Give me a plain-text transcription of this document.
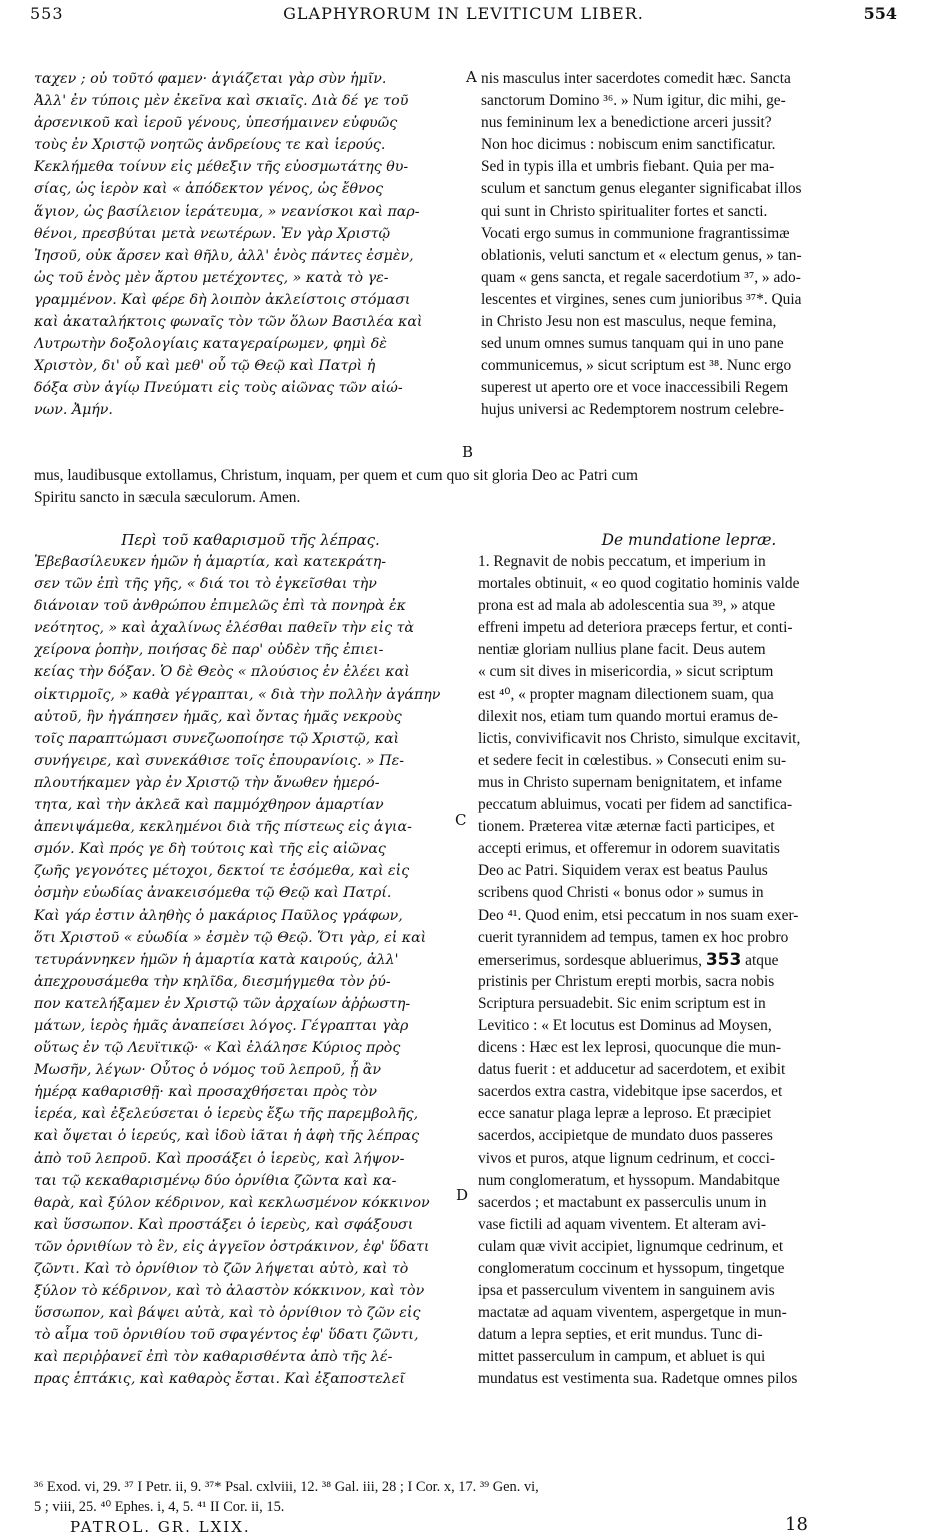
553	GLAPHYRORUM IN LEVITICUM LIBER.	554
A
B
C
D
ταχεν ; οὐ τοῦτό φαμεν· ἁγιάζεται γὰρ σὺν ἡμῖν.
Ἀλλ' ἐν τύποις μὲν ἐκεῖνα καὶ σκιαῖς. Διὰ δέ γε τοῦ
ἀρσενικοῦ καὶ ἱεροῦ γένους, ὑπεσήμαινεν εὐφυῶς
τοὺς ἐν Χριστῷ νοητῶς ἀνδρείους τε καὶ ἱερούς.
Κεκλήμεθα τοίνυν εἰς μέθεξιν τῆς εὐοσμωτάτης θυ-
σίας, ὡς ἱερὸν καὶ « ἀπόδεκτον γένος, ὡς ἔθνος
ἅγιον, ὡς βασίλειον ἱεράτευμα, » νεανίσκοι καὶ παρ-
θένοι, πρεσβύται μετὰ νεωτέρων. Ἐν γὰρ Χριστῷ
Ἰησοῦ, οὐκ ἄρσεν καὶ θῆλυ, ἀλλ' ἑνὸς πάντες ἐσμὲν,
ὡς τοῦ ἑνὸς μὲν ἄρτου μετέχοντες, » κατὰ τὸ γε-
γραμμένον. Καὶ φέρε δὴ λοιπὸν ἀκλείστοις στόμασι
καὶ ἀκαταλήκτοις φωναῖς τὸν τῶν ὅλων Βασιλέα καὶ
Λυτρωτὴν δοξολογίαις καταγεραίρωμεν, φημὶ δὲ
Χριστὸν, δι' οὗ καὶ μεθ' οὗ τῷ Θεῷ καὶ Πατρὶ ἡ
δόξα σὺν ἁγίῳ Πνεύματι εἰς τοὺς αἰῶνας τῶν αἰώ-
νων. Ἀμήν.
nis masculus inter sacerdotes comedit hæc. Sancta
sanctorum Domino ³⁶. » Num igitur, dic mihi, ge-
nus femininum lex a benedictione arceri jussit?
Non hoc dicimus : nobiscum enim sanctificatur.
Sed in typis illa et umbris fiebant. Quia per ma-
sculum et sanctum genus eleganter significabat illos
qui sunt in Christo spiritualiter fortes et sancti.
Vocati ergo sumus in communione fragrantissimæ
oblationis, veluti sanctum et « electum genus, » tan-
quam « gens sancta, et regale sacerdotium ³⁷, » ado-
lescentes et virgines, senes cum junioribus ³⁷*. Quia
in Christo Jesu non est masculus, neque femina,
sed unum omnes sumus tanquam qui in uno pane
communicemus, » sicut scriptum est ³⁸. Nunc ergo
superest ut aperto ore et voce inaccessibili Regem
hujus universi ac Redemptorem nostrum celebre-
mus, laudibusque extollamus, Christum, inquam, per quem et cum quo sit gloria Deo ac Patri cum
Spiritu sancto in sæcula sæculorum. Amen.
Περὶ τοῦ καθαρισμοῦ τῆς λέπρας.	De mundatione lepræ.
Ἐβεβασίλευκεν ἡμῶν ἡ ἁμαρτία, καὶ κατεκράτη-
σεν τῶν ἐπὶ τῆς γῆς, « διά τοι τὸ ἐγκεῖσθαι τὴν
διάνοιαν τοῦ ἀνθρώπου ἐπιμελῶς ἐπὶ τὰ πονηρὰ ἐκ
νεότητος, » καὶ ἀχαλίνως ἐλέσθαι παθεῖν τὴν εἰς τὰ
χείρονα ῥοπὴν, ποιήσας δὲ παρ' οὐδὲν τῆς ἐπιει-
κείας τὴν δόξαν. Ὁ δὲ Θεὸς « πλούσιος ἐν ἐλέει καὶ
οἰκτιρμοῖς, » καθὰ γέγραπται, « διὰ τὴν πολλὴν ἀγάπην
αὐτοῦ, ἣν ἠγάπησεν ἡμᾶς, καὶ ὄντας ἡμᾶς νεκροὺς
τοῖς παραπτώμασι συνεζωοποίησε τῷ Χριστῷ, καὶ
συνήγειρε, καὶ συνεκάθισε τοῖς ἐπουρανίοις. » Πε-
πλουτήκαμεν γὰρ ἐν Χριστῷ τὴν ἄνωθεν ἡμερό-
τητα, καὶ τὴν ἀκλεᾶ καὶ παμμόχθηρον ἁμαρτίαν
ἀπενιψάμεθα, κεκλημένοι διὰ τῆς πίστεως εἰς ἁγια-
σμόν. Καὶ πρός γε δὴ τούτοις καὶ τῆς εἰς αἰῶνας
ζωῆς γεγονότες μέτοχοι, δεκτοί τε ἐσόμεθα, καὶ εἰς
ὀσμὴν εὐωδίας ἀνακεισόμεθα τῷ Θεῷ καὶ Πατρί.
Καὶ γάρ ἐστιν ἀληθὴς ὁ μακάριος Παῦλος γράφων,
ὅτι Χριστοῦ « εὐωδία » ἐσμὲν τῷ Θεῷ. Ὅτι γὰρ, εἰ καὶ
τετυράννηκεν ἡμῶν ἡ ἁμαρτία κατὰ καιρούς, ἀλλ'
ἀπεχρουσάμεθα τὴν κηλῖδα, διεσμήγμεθα τὸν ῥύ-
πον κατελήξαμεν ἐν Χριστῷ τῶν ἀρχαίων ἀῤῥωστη-
μάτων, ἱερὸς ἡμᾶς ἀναπείσει λόγος. Γέγραπται γὰρ
οὕτως ἐν τῷ Λευϊτικῷ· « Καὶ ἐλάλησε Κύριος πρὸς
Μωσῆν, λέγων· Οὗτος ὁ νόμος τοῦ λεπροῦ, ᾗ ἂν
ἡμέρᾳ καθαρισθῇ· καὶ προσαχθήσεται πρὸς τὸν
ἱερέα, καὶ ἐξελεύσεται ὁ ἱερεὺς ἔξω τῆς παρεμβολῆς,
καὶ ὄψεται ὁ ἱερεύς, καὶ ἰδοὺ ἰᾶται ἡ ἁφὴ τῆς λέπρας
ἀπὸ τοῦ λεπροῦ. Καὶ προσάξει ὁ ἱερεὺς, καὶ λήψον-
ται τῷ κεκαθαρισμένῳ δύο ὀρνίθια ζῶντα καὶ κα-
θαρὰ, καὶ ξύλον κέδρινον, καὶ κεκλωσμένον κόκκινον
καὶ ὕσσωπον. Καὶ προστάξει ὁ ἱερεὺς, καὶ σφάξουσι
τῶν ὀρνιθίων τὸ ἓν, εἰς ἀγγεῖον ὀστράκινον, ἐφ' ὕδατι
ζῶντι. Καὶ τὸ ὀρνίθιον τὸ ζῶν λήψεται αὐτὸ, καὶ τὸ
ξύλον τὸ κέδρινον, καὶ τὸ ἀλαστὸν κόκκινον, καὶ τὸν
ὕσσωπον, καὶ βάψει αὐτὰ, καὶ τὸ ὀρνίθιον τὸ ζῶν εἰς
τὸ αἷμα τοῦ ὀρνιθίου τοῦ σφαγέντος ἐφ' ὕδατι ζῶντι,
καὶ περιῤῥανεῖ ἐπὶ τὸν καθαρισθέντα ἀπὸ τῆς λέ-
πρας ἑπτάκις, καὶ καθαρὸς ἔσται. Καὶ ἐξαποστελεῖ
1. Regnavit de nobis peccatum, et imperium in
mortales obtinuit, « eo quod cogitatio hominis valde
prona est ad mala ab adolescentia sua ³⁹, » atque
effreni impetu ad deteriora præceps fertur, et conti-
nentiæ gloriam nullius plane facit. Deus autem
« cum sit dives in misericordia, » sicut scriptum
est ⁴⁰, « propter magnam dilectionem suam, qua
dilexit nos, etiam tum quando mortui eramus de-
lictis, convivificavit nos Christo, simulque excitavit,
et sedere fecit in cœlestibus. » Consecuti enim su-
mus in Christo supernam benignitatem, et infame
peccatum abluimus, vocati per fidem ad sanctifica-
tionem. Præterea vitæ æternæ facti participes, et
accepti erimus, et offeremur in odorem suavitatis
Deo ac Patri. Siquidem verax est beatus Paulus
scribens quod Christi « bonus odor » sumus in
Deo ⁴¹. Quod enim, etsi peccatum in nos suam exer-
cuerit tyrannidem ad tempus, tamen ex hoc probro
emerserimus, sordesque abluerimus, 353 atque
pristinis per Christum erepti morbis, sacra nobis
Scriptura persuadebit. Sic enim scriptum est in
Levitico : « Et locutus est Dominus ad Moysen,
dicens : Hæc est lex leprosi, quocunque die mun-
datus fuerit : et adducetur ad sacerdotem, et exibit
sacerdos extra castra, videbitque ipse sacerdos, et
ecce sanatur plaga lepræ a leproso. Et præcipiet
sacerdos, accipietque de mundato duos passeres
vivos et puros, atque lignum cedrinum, et cocci-
num conglomeratum, et hyssopum. Mandabitque
sacerdos ; et mactabunt ex passerculis unum in
vase fictili ad aquam viventem. Et alteram avi-
culam quæ vivit accipiet, lignumque cedrinum, et
conglomeratum coccinum et hyssopum, tingetque
ipsa et passerculum viventem in sanguinem avis
mactatæ ad aquam viventem, aspergetque in mun-
datum a lepra septies, et erit mundus. Tunc di-
mittet passerculum in campum, et abluet is qui
mundatus est vestimenta sua. Radetque omnes pilos
³⁶ Exod. vi, 29. ³⁷ I Petr. ii, 9. ³⁷* Psal. cxlviii, 12. ³⁸ Gal. iii, 28 ; I Cor. x, 17. ³⁹ Gen. vi,
5 ; viii, 25. ⁴⁰ Ephes. i, 4, 5. ⁴¹ II Cor. ii, 15.
PATROL. GR. LXIX.	18
